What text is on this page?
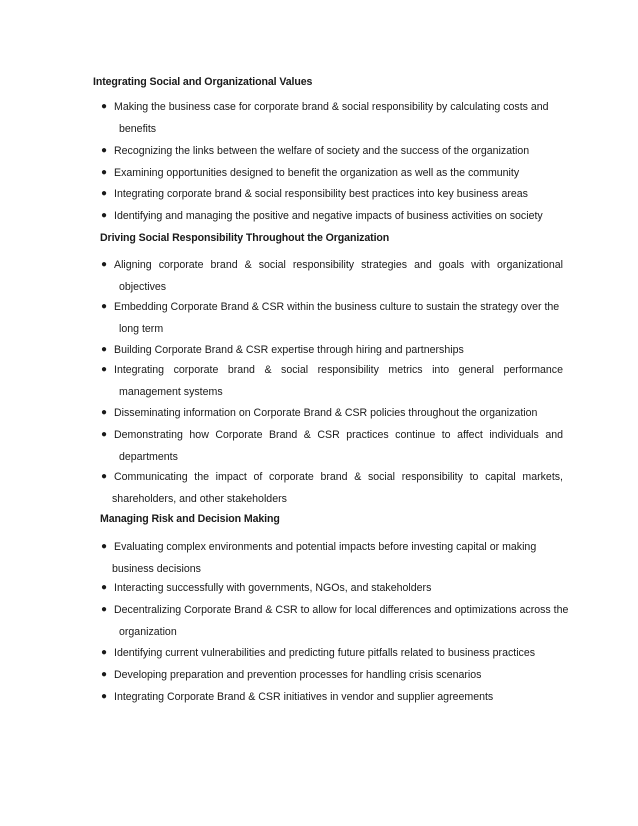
Integrating Social and Organizational Values
● Making the business case for corporate brand & social responsibility by calculating costs and
benefits
● Recognizing the links between the welfare of society and the success of the organization
● Examining opportunities designed to benefit the organization as well as the community
● Integrating corporate brand & social responsibility best practices into key business areas
● Identifying and managing the positive and negative impacts of business activities on society
Driving Social Responsibility Throughout the Organization
● Aligning corporate brand & social responsibility strategies and goals with organizational
objectives
● Embedding Corporate Brand & CSR within the business culture to sustain the strategy over the
long term
● Building Corporate Brand & CSR expertise through hiring and partnerships
● Integrating corporate brand & social responsibility metrics into general performance
management systems
● Disseminating information on Corporate Brand & CSR policies throughout the organization
● Demonstrating how Corporate Brand & CSR practices continue to affect individuals and
departments
● Communicating the impact of corporate brand & social responsibility to capital markets,
shareholders, and other stakeholders
Managing Risk and Decision Making
● Evaluating complex environments and potential impacts before investing capital or making
business decisions
● Interacting successfully with governments, NGOs, and stakeholders
● Decentralizing Corporate Brand & CSR to allow for local differences and optimizations across the
organization
● Identifying current vulnerabilities and predicting future pitfalls related to business practices
● Developing preparation and prevention processes for handling crisis scenarios
● Integrating Corporate Brand & CSR initiatives in vendor and supplier agreements
